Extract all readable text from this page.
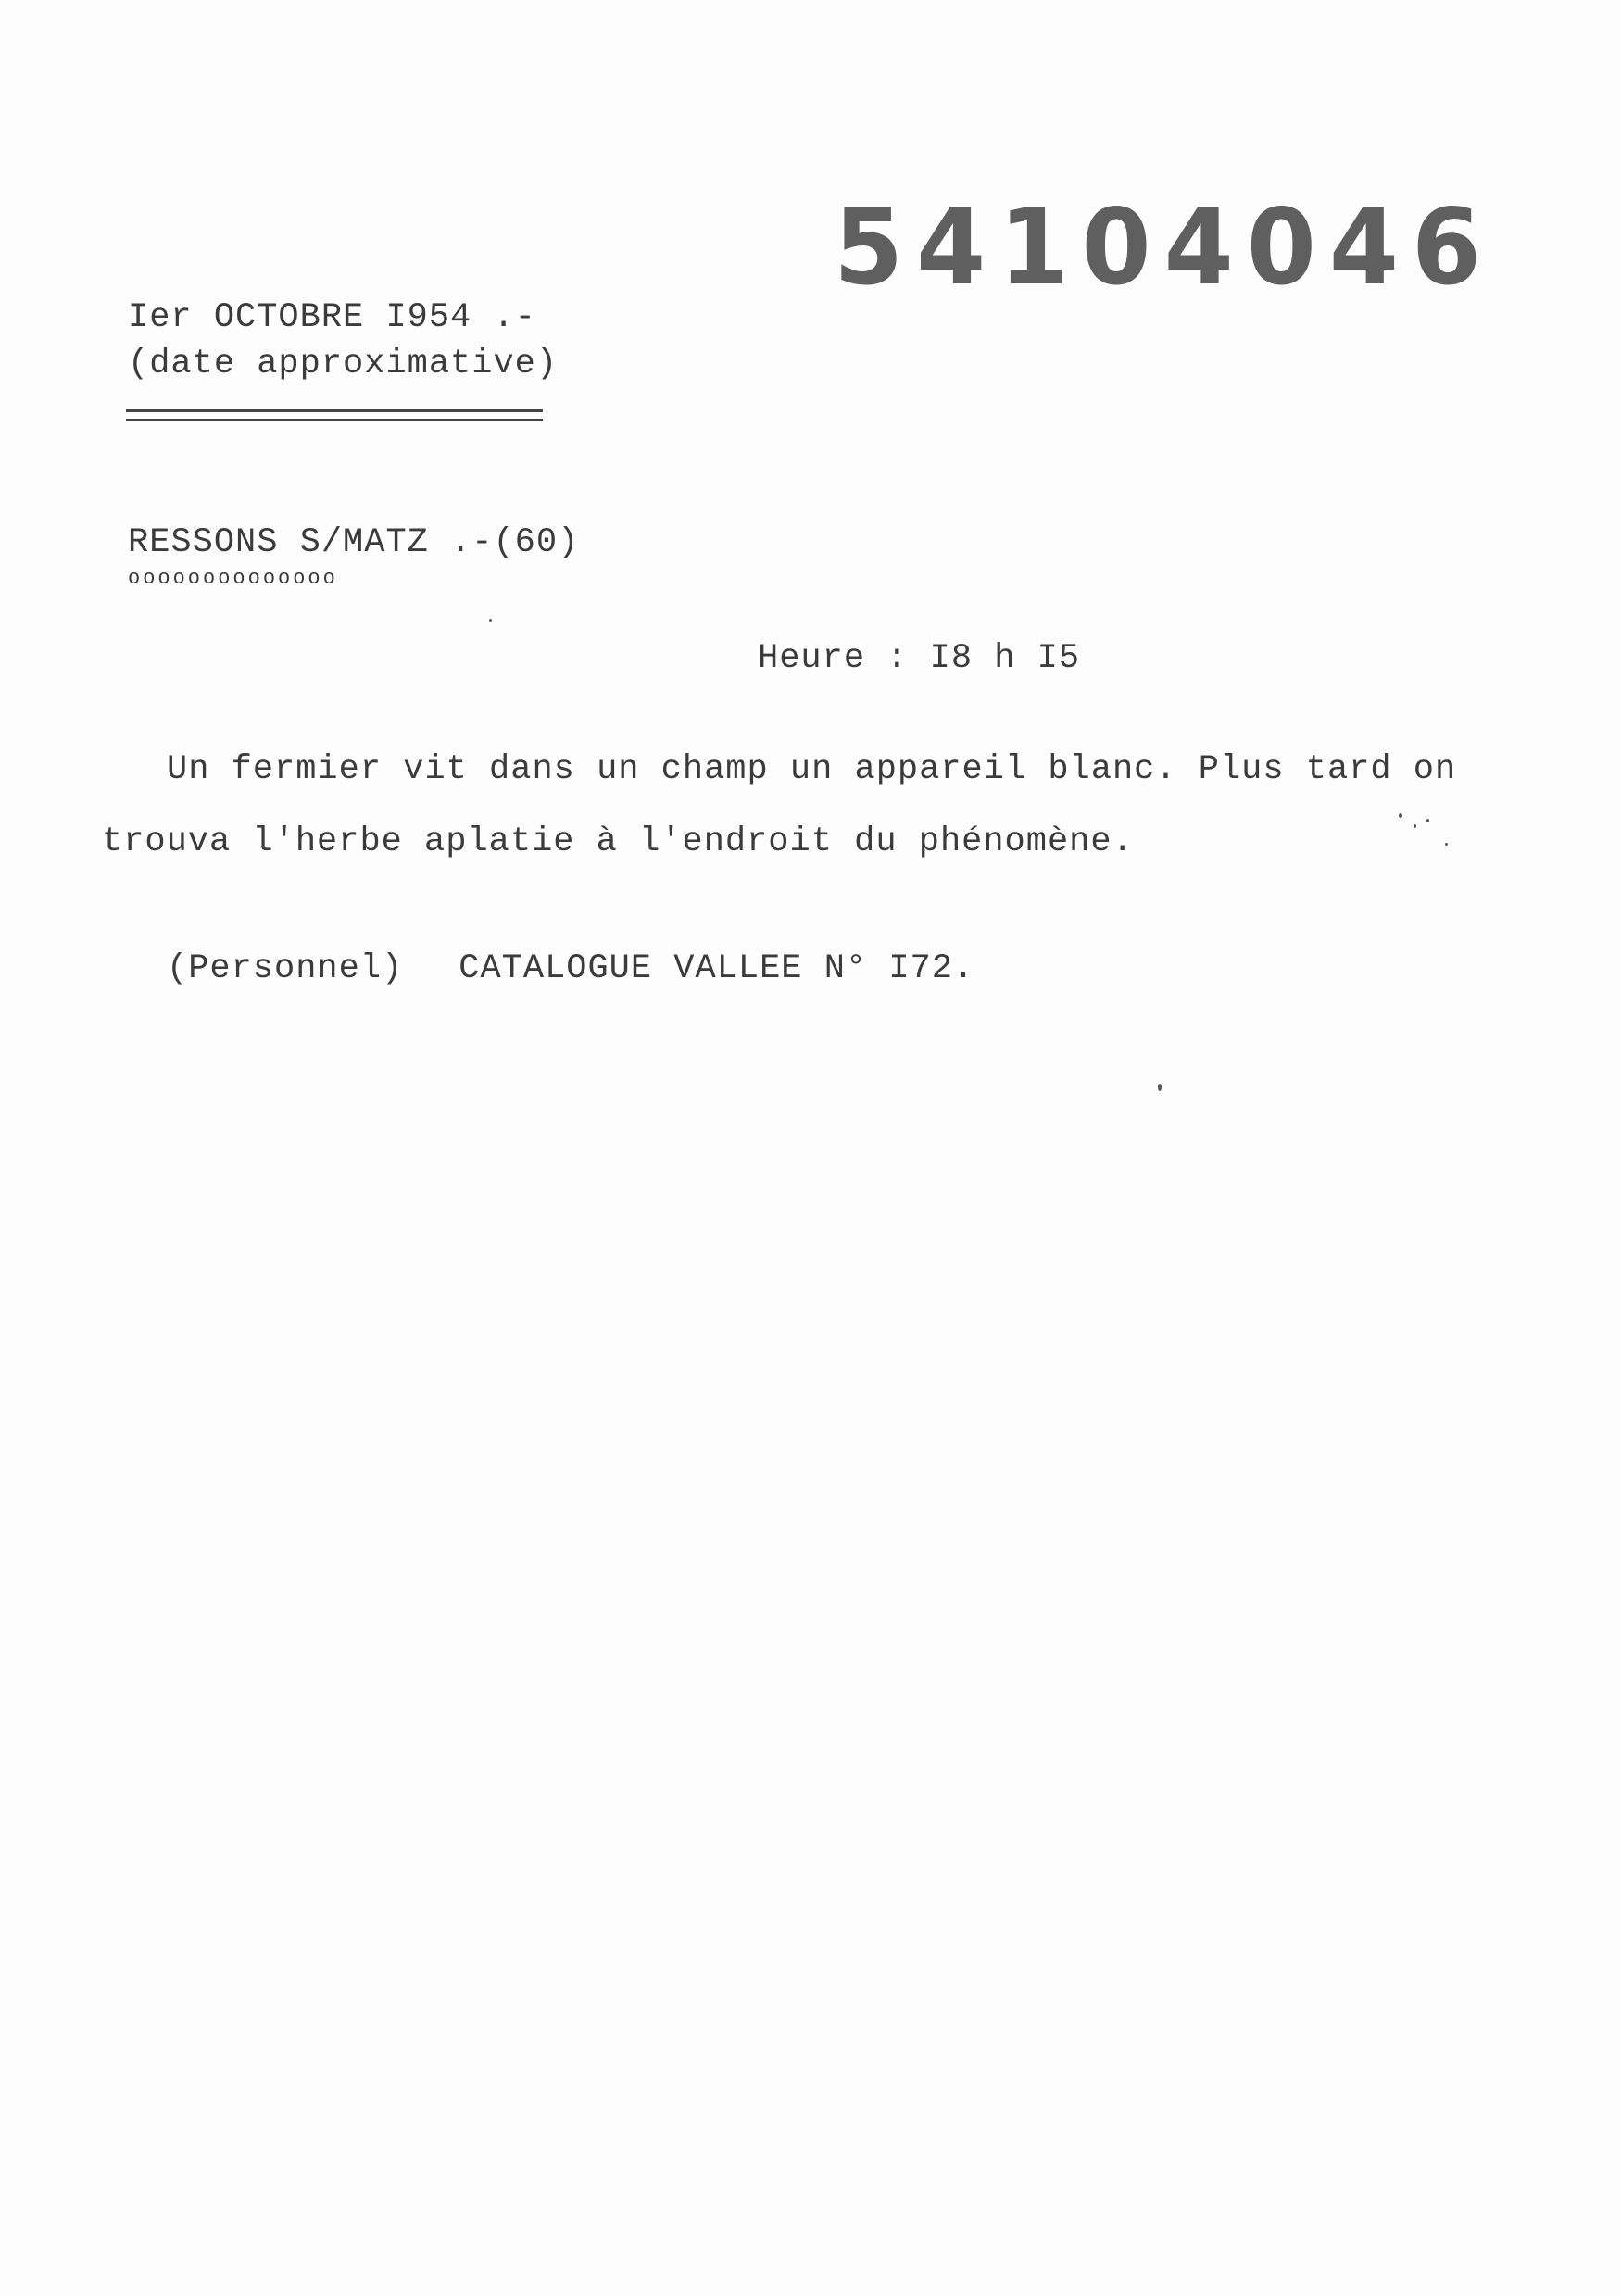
54104046
Ier OCTOBRE I954 .-
(date approximative)
RESSONS S/MATZ .-(60)
oooooooooooooo
Heure : I8 h I5
Un fermier vit dans un champ un appareil blanc. Plus tard on
trouva l'herbe aplatie à l'endroit du phénomène.
(Personnel) CATALOGUE VALLEE N° I72.
